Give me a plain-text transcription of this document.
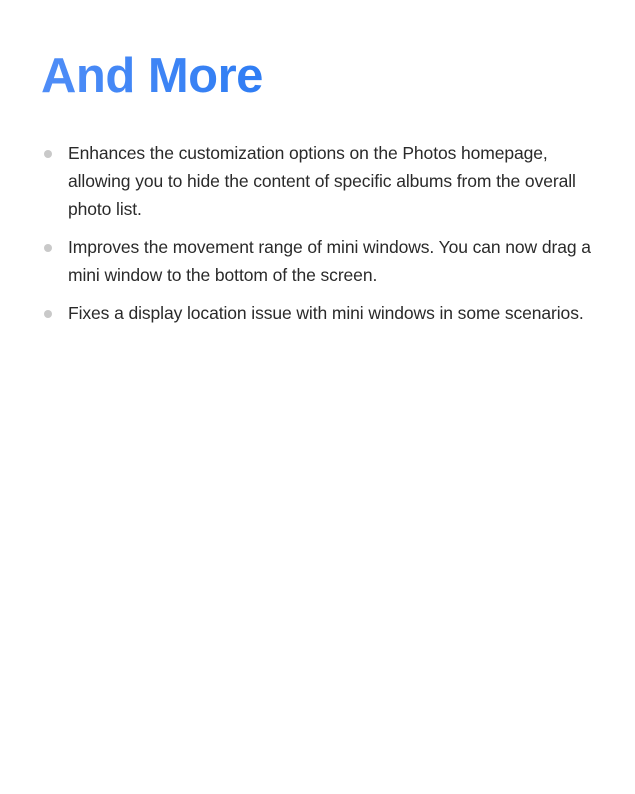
And More
Enhances the customization options on the Photos homepage, allowing you to hide the content of specific albums from the overall photo list.
Improves the movement range of mini windows. You can now drag a mini window to the bottom of the screen.
Fixes a display location issue with mini windows in some scenarios.
